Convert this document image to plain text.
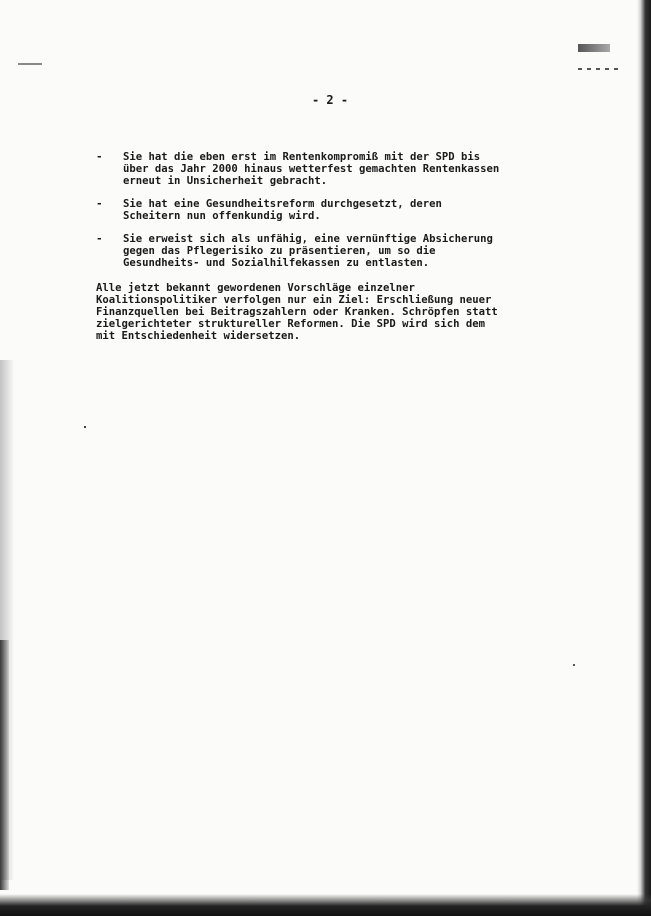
- 2 -
-	Sie hat die eben erst im Rentenkompromiß mit der SPD bis
über das Jahr 2000 hinaus wetterfest gemachten Rentenkassen
erneut in Unsicherheit gebracht.
-	Sie hat eine Gesundheitsreform durchgesetzt, deren
Scheitern nun offenkundig wird.
-	Sie erweist sich als unfähig, eine vernünftige Absicherung
gegen das Pflegerisiko zu präsentieren, um so die
Gesundheits- und Sozialhilfekassen zu entlasten.
Alle jetzt bekannt gewordenen Vorschläge einzelner
Koalitionspolitiker verfolgen nur ein Ziel: Erschließung neuer
Finanzquellen bei Beitragszahlern oder Kranken. Schröpfen statt
zielgerichteter struktureller Reformen. Die SPD wird sich dem
mit Entschiedenheit widersetzen.
